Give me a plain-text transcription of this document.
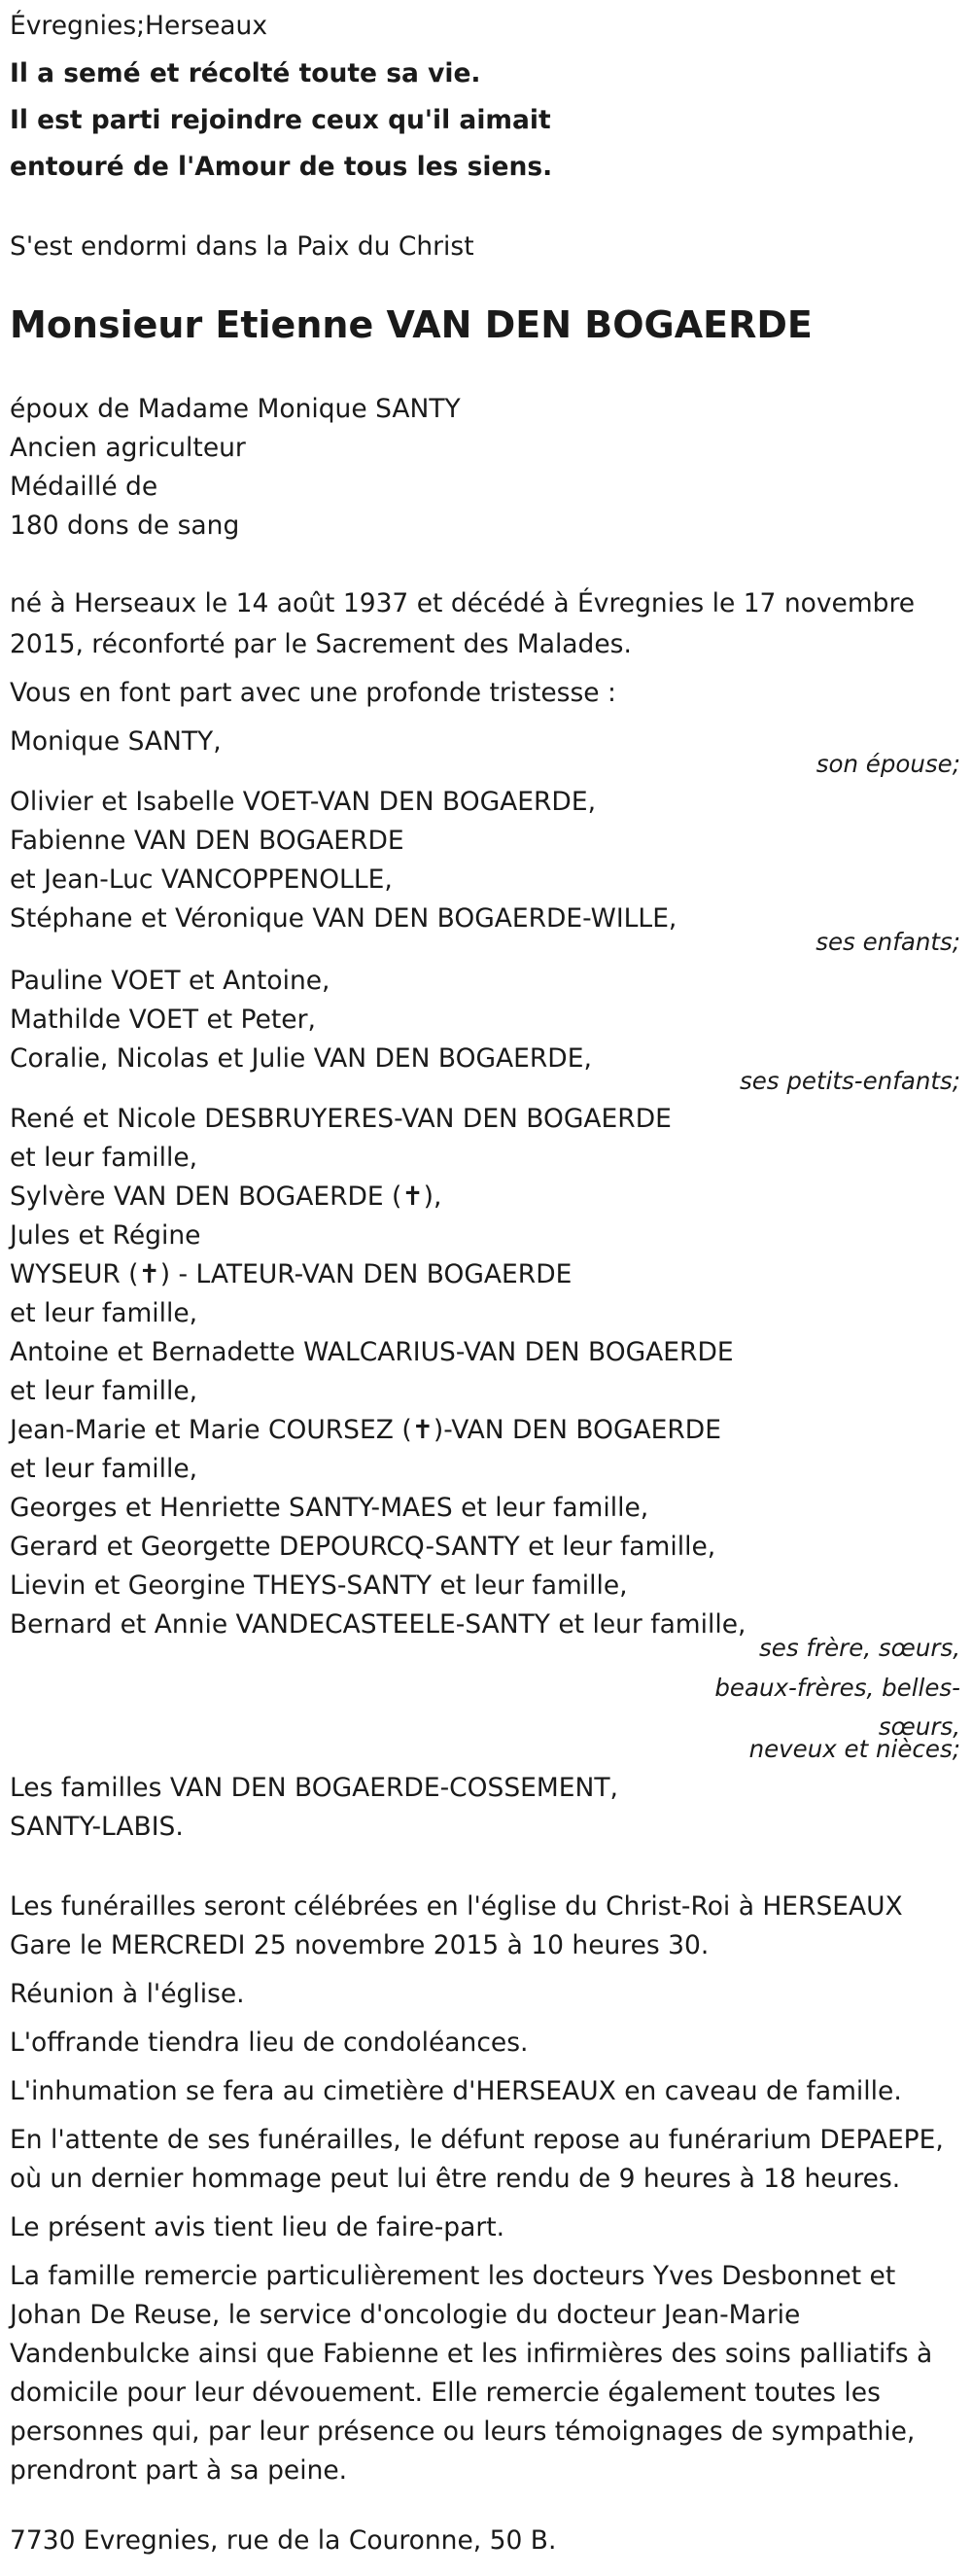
Évregnies;Herseaux
Il a semé et récolté toute sa vie.
Il est parti rejoindre ceux qu'il aimait
entouré de l'Amour de tous les siens.
S'est endormi dans la Paix du Christ
Monsieur Etienne VAN DEN BOGAERDE
époux de Madame Monique SANTY
Ancien agriculteur
Médaillé de
180 dons de sang
né à Herseaux le 14 août 1937 et décédé à Évregnies le 17 novembre
2015, réconforté par le Sacrement des Malades.
Vous en font part avec une profonde tristesse :
Monique SANTY,
son épouse;
Olivier et Isabelle VOET-VAN DEN BOGAERDE,
Fabienne VAN DEN BOGAERDE
et Jean-Luc VANCOPPENOLLE,
Stéphane et Véronique VAN DEN BOGAERDE-WILLE,
ses enfants;
Pauline VOET et Antoine,
Mathilde VOET et Peter,
Coralie, Nicolas et Julie VAN DEN BOGAERDE,
ses petits-enfants;
René et Nicole DESBRUYERES-VAN DEN BOGAERDE
et leur famille,
Sylvère VAN DEN BOGAERDE (✝),
Jules et Régine
WYSEUR (✝) - LATEUR-VAN DEN BOGAERDE
et leur famille,
Antoine et Bernadette WALCARIUS-VAN DEN BOGAERDE
et leur famille,
Jean-Marie et Marie COURSEZ (✝)-VAN DEN BOGAERDE
et leur famille,
Georges et Henriette SANTY-MAES et leur famille,
Gerard et Georgette DEPOURCQ-SANTY et leur famille,
Lievin et Georgine THEYS-SANTY et leur famille,
Bernard et Annie VANDECASTEELE-SANTY et leur famille,
ses frère, sœurs,
beaux-frères, belles-
sœurs,
neveux et nièces;
Les familles VAN DEN BOGAERDE-COSSEMENT,
SANTY-LABIS.
Les funérailles seront célébrées en l'église du Christ-Roi à HERSEAUX
Gare le MERCREDI 25 novembre 2015 à 10 heures 30.
Réunion à l'église.
L'offrande tiendra lieu de condoléances.
L'inhumation se fera au cimetière d'HERSEAUX en caveau de famille.
En l'attente de ses funérailles, le défunt repose au funérarium DEPAEPE,
où un dernier hommage peut lui être rendu de 9 heures à 18 heures.
Le présent avis tient lieu de faire-part.
La famille remercie particulièrement les docteurs Yves Desbonnet et
Johan De Reuse, le service d'oncologie du docteur Jean-Marie
Vandenbulcke ainsi que Fabienne et les infirmières des soins palliatifs à
domicile pour leur dévouement. Elle remercie également toutes les
personnes qui, par leur présence ou leurs témoignages de sympathie,
prendront part à sa peine.
7730 Evregnies, rue de la Couronne, 50 B.
